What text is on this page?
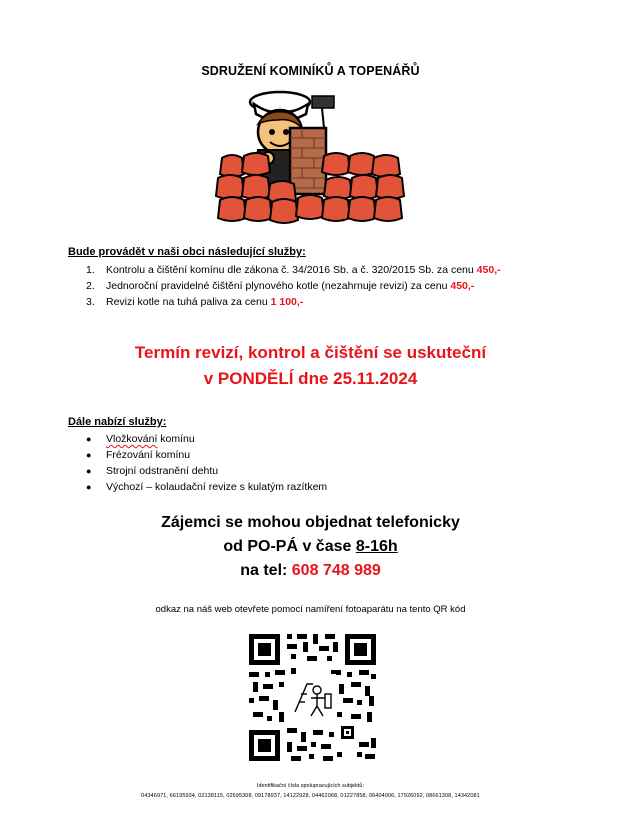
SDRUŽENÍ KOMINÍKŮ A TOPENÁŘŮ
Bude provádět v naši obci následující služby:
1. Kontrolu a čištění komínu dle zákona č. 34/2016 Sb. a č. 320/2015 Sb. za cenu 450,-
2. Jednoroční pravidelné čištění plynového kotle (nezahrnuje revizi) za cenu 450,-
3. Revizi kotle na tuhá paliva za cenu 1 100,-
Termín revizí, kontrol a čištění se uskuteční
v PONDĚLÍ dne 25.11.2024
Dále nabízí služby:
● Vložkování komínu
● Frézování komínu
● Strojní odstranění dehtu
● Výchozí – kolaudační revize s kulatým razítkem
Zájemci se mohou objednat telefonicky
od PO-PÁ v čase 8-16h
na tel: 608 748 989
odkaz na náš web otevřete pomocí namíření fotoaparátu na tento QR kód
Identifikační čísla spolupracujících subjektů:
04346971, 66195934, 02138115, 02695308, 09178937, 14122928, 04462068, 01227858, 06404006, 17926092, 08661308, 14342081
